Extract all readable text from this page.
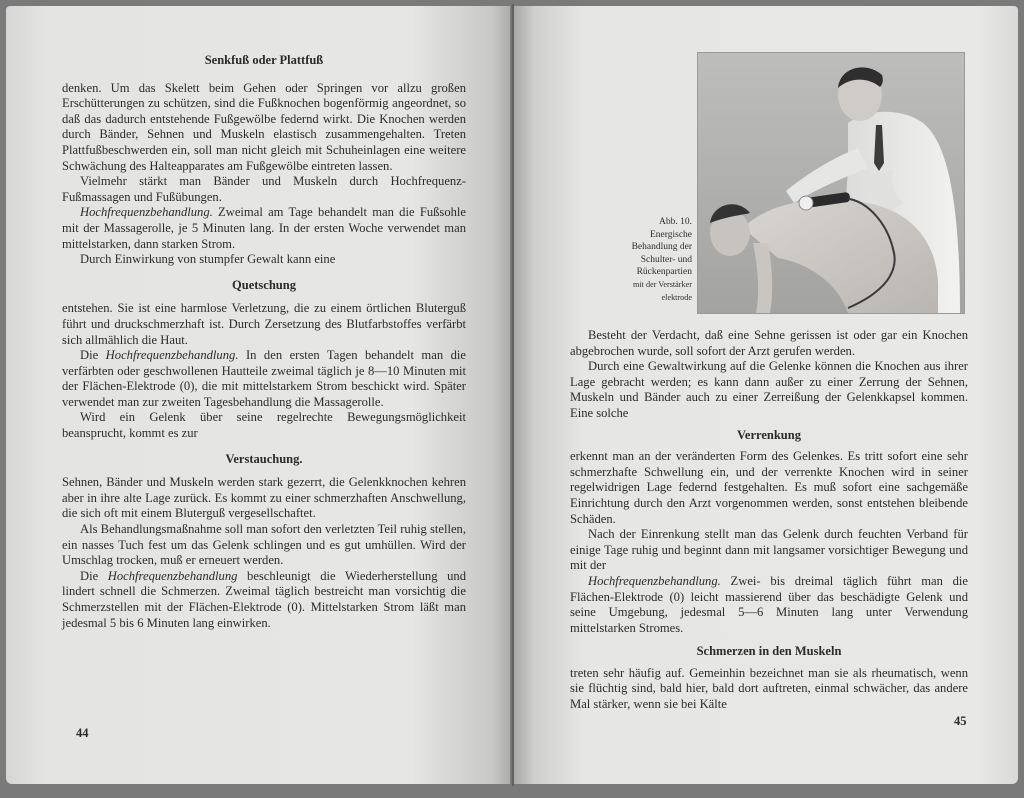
Senkfuß oder Plattfuß

denken. Um das Skelett beim Gehen oder Springen vor allzu großen Erschütterungen zu schützen, sind die Fußknochen bogenförmig angeordnet, so daß das dadurch entstehende Fußgewölbe federnd wirkt. Die Knochen werden durch Bänder, Sehnen und Muskeln elastisch zusammengehalten. Treten Plattfußbeschwerden ein, soll man nicht gleich mit Schuheinlagen eine weitere Schwächung des Halteapparates am Fußgewölbe eintreten lassen.

Vielmehr stärkt man Bänder und Muskeln durch Hochfrequenz-Fußmassagen und Fußübungen.

Hochfrequenzbehandlung. Zweimal am Tage behandelt man die Fußsohle mit der Massagerolle, je 5 Minuten lang. In der ersten Woche verwendet man mittelstarken, dann starken Strom.

Durch Einwirkung von stumpfer Gewalt kann eine

Quetschung

entstehen. Sie ist eine harmlose Verletzung, die zu einem örtlichen Bluterguß führt und druckschmerzhaft ist. Durch Zersetzung des Blutfarbstoffes verfärbt sich allmählich die Haut.

Die Hochfrequenzbehandlung. In den ersten Tagen behandelt man die verfärbten oder geschwollenen Hautteile zweimal täglich je 8—10 Minuten mit der Flächen-Elektrode (0), die mit mittelstarkem Strom beschickt wird. Später verwendet man zur zweiten Tagesbehandlung die Massagerolle.

Wird ein Gelenk über seine regelrechte Bewegungsmöglichkeit beansprucht, kommt es zur

Verstauchung.

Sehnen, Bänder und Muskeln werden stark gezerrt, die Gelenkknochen kehren aber in ihre alte Lage zurück. Es kommt zu einer schmerzhaften Anschwellung, die sich oft mit einem Bluterguß vergesellschaftet.

Als Behandlungsmaßnahme soll man sofort den verletzten Teil ruhig stellen, ein nasses Tuch fest um das Gelenk schlingen und es gut umhüllen. Wird der Umschlag trocken, muß er erneuert werden.

Die Hochfrequenzbehandlung beschleunigt die Wiederherstellung und lindert schnell die Schmerzen. Zweimal täglich bestreicht man vorsichtig die Schmerzstellen mit der Flächen-Elektrode (0). Mittelstarken Strom läßt man jedesmal 5 bis 6 Minuten lang einwirken.

44
Abb. 10.
Energische
Behandlung der
Schulter- und
Rückenpartien
mit der Verstärker
elektrode

Besteht der Verdacht, daß eine Sehne gerissen ist oder gar ein Knochen abgebrochen wurde, soll sofort der Arzt gerufen werden.

Durch eine Gewaltwirkung auf die Gelenke können die Knochen aus ihrer Lage gebracht werden; es kann dann außer zu einer Zerrung der Sehnen, Muskeln und Bänder auch zu einer Zerreißung der Gelenkkapsel kommen. Eine solche

Verrenkung

erkennt man an der veränderten Form des Gelenkes. Es tritt sofort eine sehr schmerzhafte Schwellung ein, und der verrenkte Knochen wird in seiner regelwidrigen Lage federnd festgehalten. Es muß sofort eine sachgemäße Einrichtung durch den Arzt vorgenommen werden, sonst entstehen bleibende Schäden.

Nach der Einrenkung stellt man das Gelenk durch feuchten Verband für einige Tage ruhig und beginnt dann mit langsamer vorsichtiger Bewegung und mit der

Hochfrequenzbehandlung. Zwei- bis dreimal täglich führt man die Flächen-Elektrode (0) leicht massierend über das beschädigte Gelenk und seine Umgebung, jedesmal 5—6 Minuten lang unter Verwendung mittelstarken Stromes.

Schmerzen in den Muskeln

treten sehr häufig auf. Gemeinhin bezeichnet man sie als rheumatisch, wenn sie flüchtig sind, bald hier, bald dort auftreten, einmal schwächer, das andere Mal stärker, wenn sie bei Kälte

45
